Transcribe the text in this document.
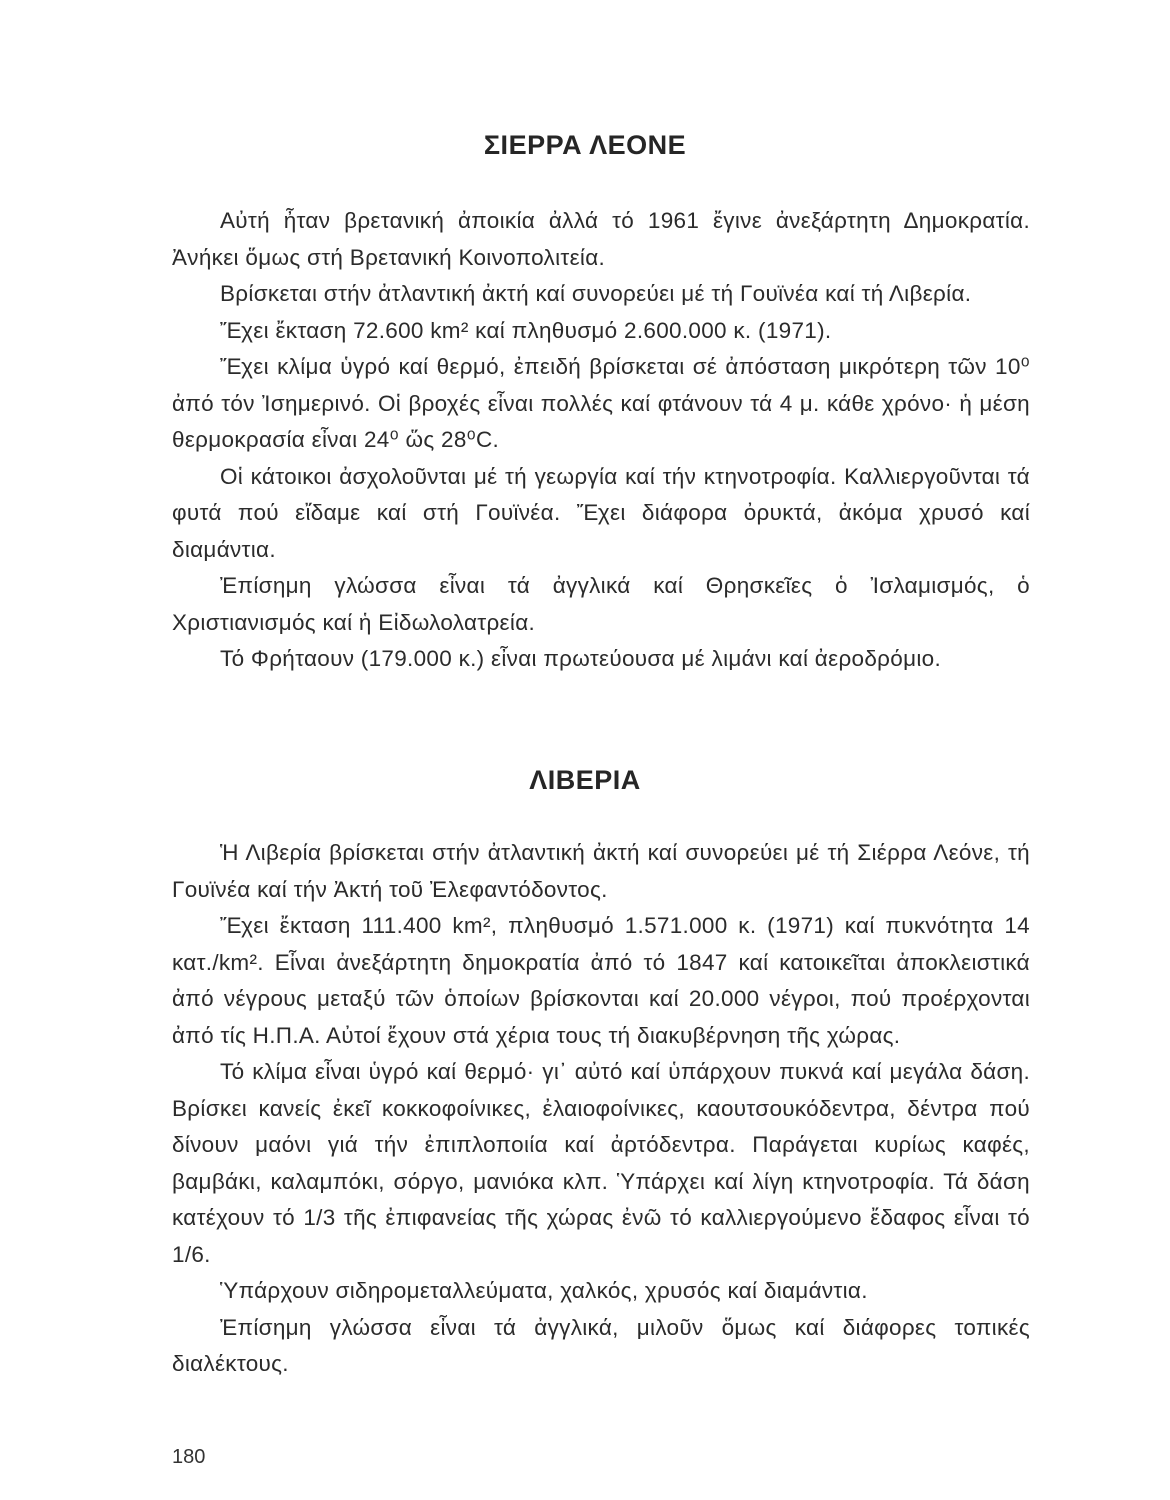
ΣΙΕΡΡΑ ΛΕΟΝΕ

Αὐτή ἦταν βρετανική ἀποικία ἀλλά τό 1961 ἔγινε ἀνεξάρτητη Δημοκρατία. Ἀνήκει ὅμως στή Βρετανική Κοινοπολιτεία.

Βρίσκεται στήν ἀτλαντική ἀκτή καί συνορεύει μέ τή Γουϊνέα καί τή Λιβερία.

Ἔχει ἔκταση 72.600 km² καί πληθυσμό 2.600.000 κ. (1971).

Ἔχει κλίμα ὑγρό καί θερμό, ἐπειδή βρίσκεται σέ ἀπόσταση μικρότερη τῶν 10⁰ ἀπό τόν Ἰσημερινό. Οἱ βροχές εἶναι πολλές καί φτάνουν τά 4 μ. κάθε χρόνο· ἡ μέση θερμοκρασία εἶναι 24⁰ ὥς 28⁰C.

Οἱ κάτοικοι ἀσχολοῦνται μέ τή γεωργία καί τήν κτηνοτροφία. Καλλιεργοῦνται τά φυτά πού εἴδαμε καί στή Γουϊνέα. Ἔχει διάφορα ὀρυκτά, ἀκόμα χρυσό καί διαμάντια.

Ἐπίσημη γλώσσα εἶναι τά ἀγγλικά καί Θρησκεῖες ὁ Ἰσλαμισμός, ὁ Χριστιανισμός καί ἡ Εἰδωλολατρεία.

Τό Φρήταουν (179.000 κ.) εἶναι πρωτεύουσα μέ λιμάνι καί ἀεροδρόμιο.

ΛΙΒΕΡΙΑ

Ἡ Λιβερία βρίσκεται στήν ἀτλαντική ἀκτή καί συνορεύει μέ τή Σιέρρα Λεόνε, τή Γουϊνέα καί τήν Ἀκτή τοῦ Ἐλεφαντόδοντος.

Ἔχει ἔκταση 111.400 km², πληθυσμό 1.571.000 κ. (1971) καί πυκνότητα 14 κατ./km². Εἶναι ἀνεξάρτητη δημοκρατία ἀπό τό 1847 καί κατοικεῖται ἀποκλειστικά ἀπό νέγρους μεταξύ τῶν ὁποίων βρίσκονται καί 20.000 νέγροι, πού προέρχονται ἀπό τίς Η.Π.Α. Αὐτοί ἔχουν στά χέρια τους τή διακυβέρνηση τῆς χώρας.

Τό κλίμα εἶναι ὑγρό καί θερμό· γι᾿ αὐτό καί ὑπάρχουν πυκνά καί μεγάλα δάση. Βρίσκει κανείς ἐκεῖ κοκκοφοίνικες, ἐλαιοφοίνικες, καουτσουκόδεντρα, δέντρα πού δίνουν μαόνι γιά τήν ἐπιπλοποιία καί ἀρτόδεντρα. Παράγεται κυρίως καφές, βαμβάκι, καλαμπόκι, σόργο, μανιόκα κλπ. Ὑπάρχει καί λίγη κτηνοτροφία. Τά δάση κατέχουν τό 1/3 τῆς ἐπιφανείας τῆς χώρας ἐνῶ τό καλλιεργούμενο ἔδαφος εἶναι τό 1/6.

Ὑπάρχουν σιδηρομεταλλεύματα, χαλκός, χρυσός καί διαμάντια.

Ἐπίσημη γλώσσα εἶναι τά ἀγγλικά, μιλοῦν ὅμως καί διάφορες τοπικές διαλέκτους.

180
